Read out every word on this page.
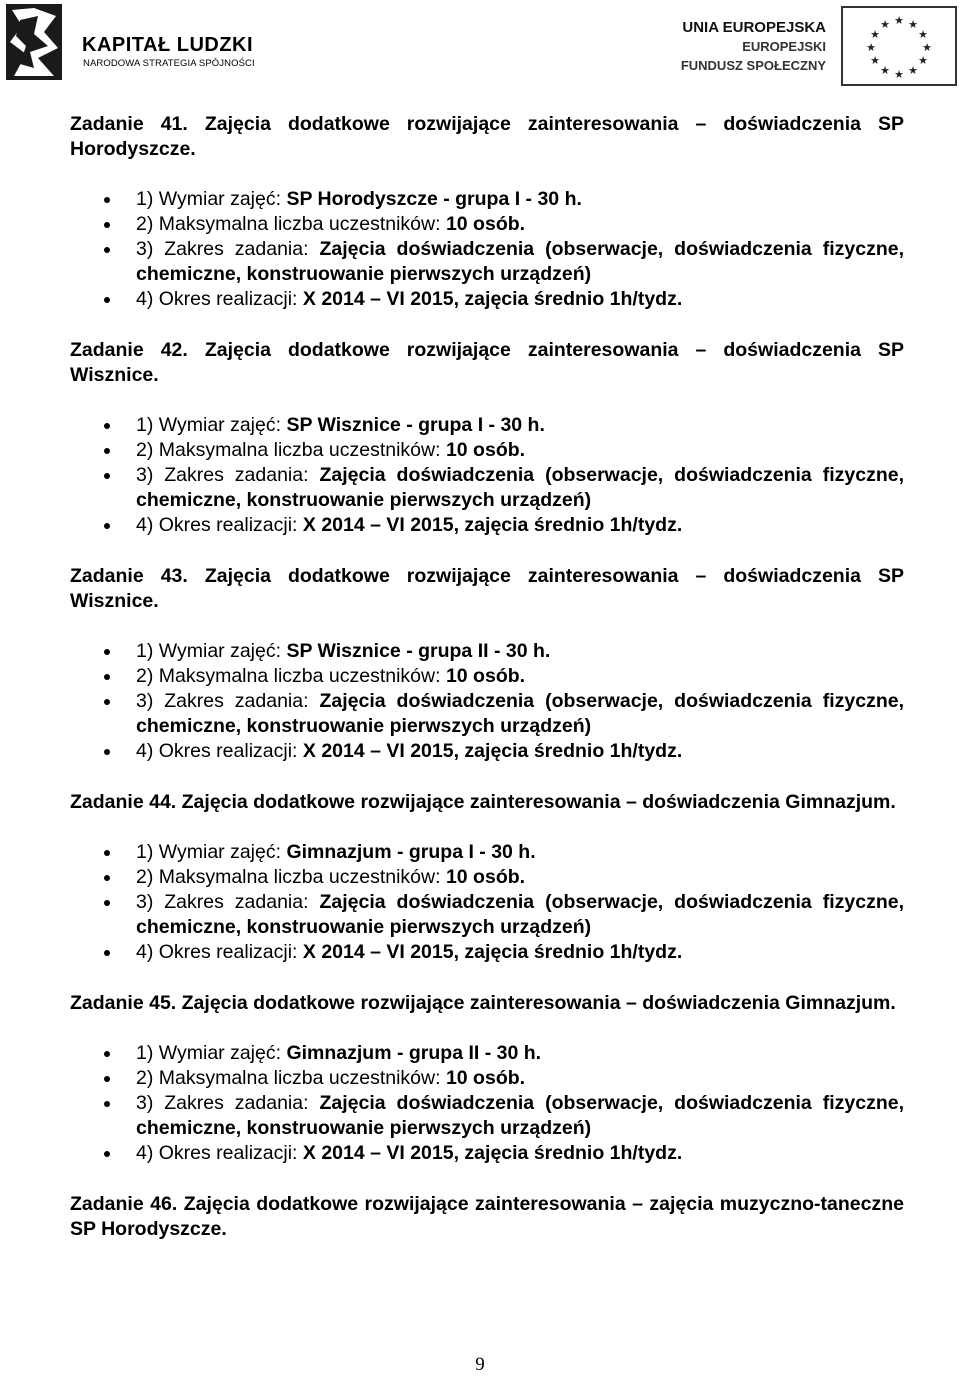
KAPITAŁ LUDZKI
NARODOWA STRATEGIA SPÓJNOŚCI
UNIA EUROPEJSKA
EUROPEJSKI
FUNDUSZ SPOŁECZNY
★ ★
★
★
★
★
★
★
★
★
★
★
Zadanie 41. Zajęcia dodatkowe rozwijające zainteresowania – doświadczenia SP Horodyszcze.
1) Wymiar zajęć: SP Horodyszcze - grupa I - 30 h.
2) Maksymalna liczba uczestników: 10 osób.
3) Zakres zadania: Zajęcia doświadczenia (obserwacje, doświadczenia fizyczne, chemiczne, konstruowanie pierwszych urządzeń)
4) Okres realizacji: X 2014 – VI 2015, zajęcia średnio 1h/tydz.
Zadanie 42. Zajęcia dodatkowe rozwijające zainteresowania – doświadczenia SP Wisznice.
1) Wymiar zajęć: SP Wisznice - grupa I - 30 h.
2) Maksymalna liczba uczestników: 10 osób.
3) Zakres zadania: Zajęcia doświadczenia (obserwacje, doświadczenia fizyczne, chemiczne, konstruowanie pierwszych urządzeń)
4) Okres realizacji: X 2014 – VI 2015, zajęcia średnio 1h/tydz.
Zadanie 43. Zajęcia dodatkowe rozwijające zainteresowania – doświadczenia SP Wisznice.
1) Wymiar zajęć: SP Wisznice - grupa II - 30 h.
2) Maksymalna liczba uczestników: 10 osób.
3) Zakres zadania: Zajęcia doświadczenia (obserwacje, doświadczenia fizyczne, chemiczne, konstruowanie pierwszych urządzeń)
4) Okres realizacji: X 2014 – VI 2015, zajęcia średnio 1h/tydz.
Zadanie 44. Zajęcia dodatkowe rozwijające zainteresowania – doświadczenia Gimnazjum.
1) Wymiar zajęć: Gimnazjum - grupa I - 30 h.
2) Maksymalna liczba uczestników: 10 osób.
3) Zakres zadania: Zajęcia doświadczenia (obserwacje, doświadczenia fizyczne, chemiczne, konstruowanie pierwszych urządzeń)
4) Okres realizacji: X 2014 – VI 2015, zajęcia średnio 1h/tydz.
Zadanie 45. Zajęcia dodatkowe rozwijające zainteresowania – doświadczenia Gimnazjum.
1) Wymiar zajęć: Gimnazjum - grupa II - 30 h.
2) Maksymalna liczba uczestników: 10 osób.
3) Zakres zadania: Zajęcia doświadczenia (obserwacje, doświadczenia fizyczne, chemiczne, konstruowanie pierwszych urządzeń)
4) Okres realizacji: X 2014 – VI 2015, zajęcia średnio 1h/tydz.
Zadanie 46. Zajęcia dodatkowe rozwijające zainteresowania – zajęcia muzyczno-taneczne SP Horodyszcze.
9
